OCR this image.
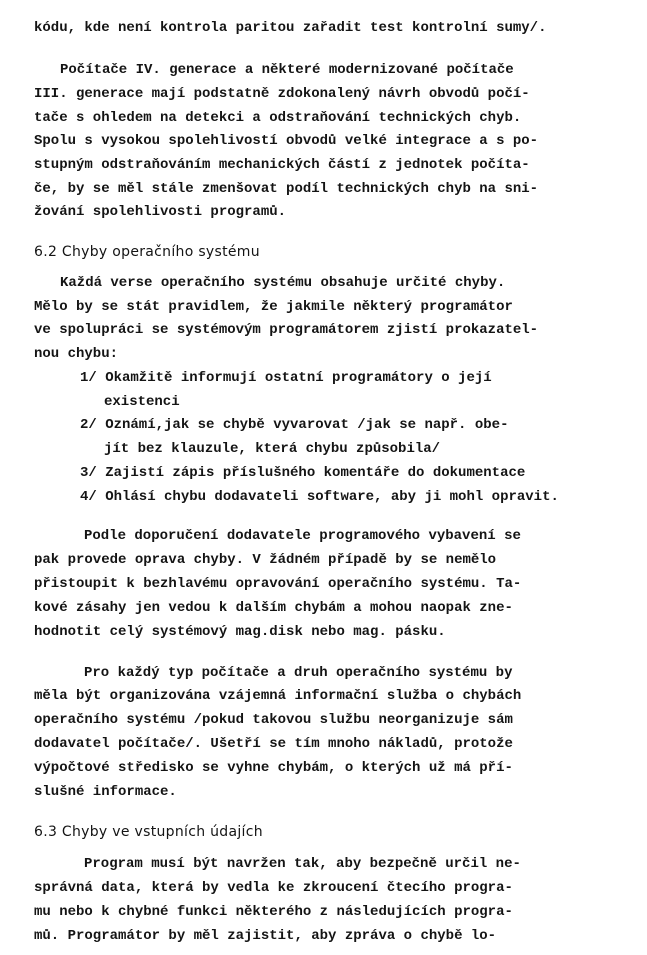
kódu, kde není kontrola paritou zařadit test kontrolní sumy/.
Počítače IV. generace a některé modernizované počítače
III. generace mají podstatně zdokonalený návrh obvodů počí-
tače s ohledem na detekci a odstraňování technických chyb.
Spolu s vysokou spolehlivostí obvodů velké integrace a s po-
stupným odstraňováním mechanických částí z jednotek počíta-
če, by se měl stále zmenšovat podíl technických chyb na sni-
žování spolehlivosti programů.
6.2 Chyby operačního systému
Každá verse operačního systému obsahuje určité chyby.
Mělo by se stát pravidlem, že jakmile některý programátor
ve spolupráci se systémovým programátorem zjistí prokazatel-
nou chybu:
1/ Okamžitě informují ostatní programátory o její
existenci
2/ Oznámí,jak se chybě vyvarovat /jak se např. obe-
jít bez klauzule, která chybu způsobila/
3/ Zajistí zápis příslušného komentáře do dokumentace
4/ Ohlásí chybu dodavateli software, aby ji mohl opravit.
Podle doporučení dodavatele programového vybavení se
pak provede oprava chyby. V žádném případě by se nemělo
přistoupit k bezhlavému opravování operačního systému. Ta-
kové zásahy jen vedou k dalším chybám a mohou naopak zne-
hodnotit celý systémový mag.disk nebo mag. pásku.
Pro každý typ počítače a druh operačního systému by
měla být organizována vzájemná informační služba o chybách
operačního systému /pokud takovou službu neorganizuje sám
dodavatel počítače/. Ušetří se tím mnoho nákladů, protože
výpočtové středisko se vyhne chybám, o kterých už má pří-
slušné informace.
6.3 Chyby ve vstupních údajích
Program musí být navržen tak, aby bezpečně určil ne-
správná data, která by vedla ke zkroucení čtecího progra-
mu nebo k chybné funkci některého z následujících progra-
mů. Programátor by měl zajistit, aby zpráva o chybě lo-
